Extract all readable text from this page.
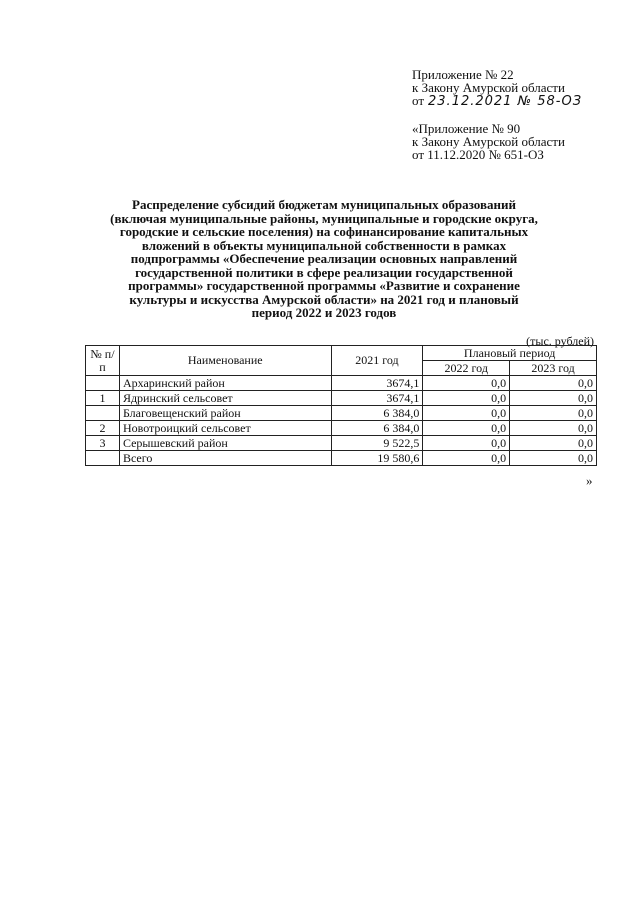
Приложение № 22
к Закону Амурской области
от 23.12.2021 № 58-ОЗ
«Приложение № 90
к Закону Амурской области
от 11.12.2020 № 651-ОЗ
Распределение субсидий бюджетам муниципальных образований
(включая муниципальные районы, муниципальные и городские округа,
городские и сельские поселения) на софинансирование капитальных
вложений в объекты муниципальной собственности в рамках
подпрограммы «Обеспечение реализации основных направлений
государственной политики в сфере реализации государственной
программы» государственной программы «Развитие и сохранение
культуры и искусства Амурской области» на 2021 год и плановый
период 2022 и 2023 годов
(тыс. рублей)
№ п/п	Наименование	2021 год	Плановый период	
			2022 год	2023 год
	Архаринский район	3674,1	0,0	0,0
1	Ядринский сельсовет	3674,1	0,0	0,0
	Благовещенский район	6 384,0	0,0	0,0
2	Новотроицкий сельсовет	6 384,0	0,0	0,0
3	Серышевский район	9 522,5	0,0	0,0
	Всего	19 580,6	0,0	0,0
»
